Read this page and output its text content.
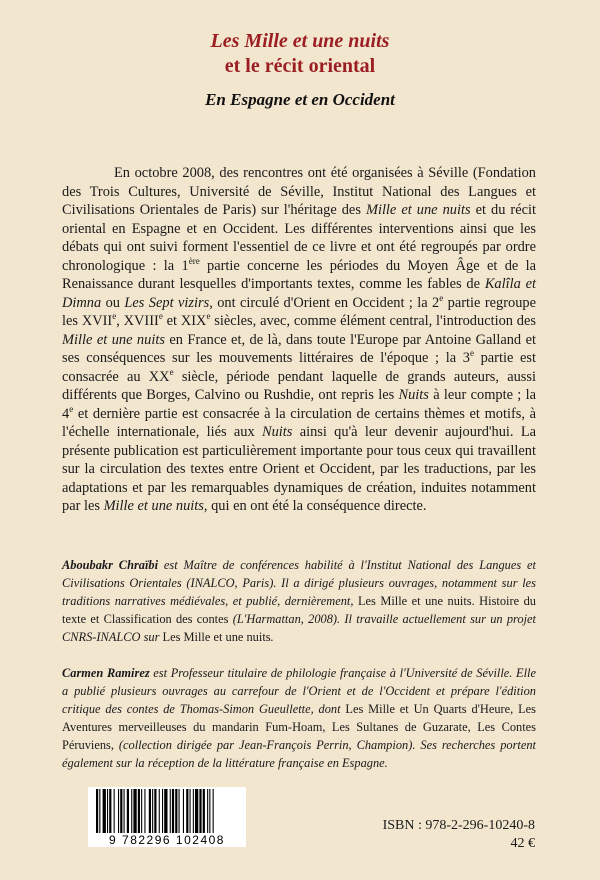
Les Mille et une nuits
et le récit oriental
En Espagne et en Occident

En octobre 2008, des rencontres ont été organisées à Séville (Fondation des Trois Cultures, Université de Séville, Institut National des Langues et Civilisations Orientales de Paris) sur l'héritage des Mille et une nuits et du récit oriental en Espagne et en Occident. Les différentes interventions ainsi que les débats qui ont suivi forment l'essentiel de ce livre et ont été regroupés par ordre chronologique : la 1ère partie concerne les périodes du Moyen Âge et de la Renaissance durant lesquelles d'importants textes, comme les fables de Kalîla et Dimna ou Les Sept vizirs, ont circulé d'Orient en Occident ; la 2e partie regroupe les XVIIe, XVIIIe et XIXe siècles, avec, comme élément central, l'introduction des Mille et une nuits en France et, de là, dans toute l'Europe par Antoine Galland et ses conséquences sur les mouvements littéraires de l'époque ; la 3e partie est consacrée au XXe siècle, période pendant laquelle de grands auteurs, aussi différents que Borges, Calvino ou Rushdie, ont repris les Nuits à leur compte ; la 4e et dernière partie est consacrée à la circulation de certains thèmes et motifs, à l'échelle internationale, liés aux Nuits ainsi qu'à leur devenir aujourd'hui. La présente publication est particulièrement importante pour tous ceux qui travaillent sur la circulation des textes entre Orient et Occident, par les traductions, par les adaptations et par les remarquables dynamiques de création, induites notamment par les Mille et une nuits, qui en ont été la conséquence directe.

Aboubakr Chraïbi est Maître de conférences habilité à l'Institut National des Langues et Civilisations Orientales (INALCO, Paris). Il a dirigé plusieurs ouvrages, notamment sur les traditions narratives médiévales, et publié, dernièrement, Les Mille et une nuits. Histoire du texte et Classification des contes (L'Harmattan, 2008). Il travaille actuellement sur un projet CNRS-INALCO sur Les Mille et une nuits.

Carmen Ramirez est Professeur titulaire de philologie française à l'Université de Séville. Elle a publié plusieurs ouvrages au carrefour de l'Orient et de l'Occident et prépare l'édition critique des contes de Thomas-Simon Gueullette, dont Les Mille et Un Quarts d'Heure, Les Aventures merveilleuses du mandarin Fum-Hoam, Les Sultanes de Guzarate, Les Contes Péruviens, (collection dirigée par Jean-François Perrin, Champion). Ses recherches portent également sur la réception de la littérature française en Espagne.

9 782296 102408
ISBN : 978-2-296-10240-8
42 €
